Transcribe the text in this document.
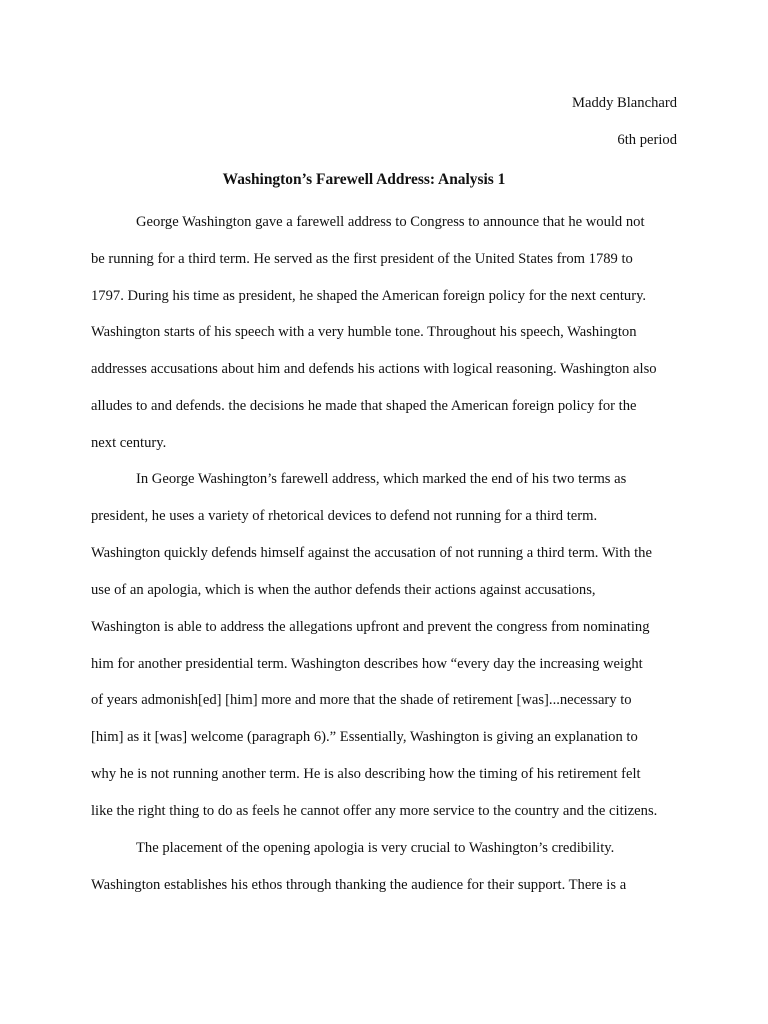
Maddy Blanchard
6th period
Washington’s Farewell Address: Analysis 1
George Washington gave a farewell address to Congress to announce that he would not
be running for a third term. He served as the first president of the United States from 1789 to
1797. During his time as president, he shaped the American foreign policy for the next century.
Washington starts of his speech with a very humble tone. Throughout his speech, Washington
addresses accusations about him and defends his actions with logical reasoning. Washington also
alludes to and defends. the decisions he made that shaped the American foreign policy for the
next century.
In George Washington’s farewell address, which marked the end of his two terms as
president, he uses a variety of rhetorical devices to defend not running for a third term.
Washington quickly defends himself against the accusation of not running a third term. With the
use of an apologia, which is when the author defends their actions against accusations,
Washington is able to address the allegations upfront and prevent the congress from nominating
him for another presidential term. Washington describes how “every day the increasing weight
of years admonish[ed] [him] more and more that the shade of retirement [was]...necessary to
[him] as it [was] welcome (paragraph 6).” Essentially, Washington is giving an explanation to
why he is not running another term. He is also describing how the timing of his retirement felt
like the right thing to do as feels he cannot offer any more service to the country and the citizens.
The placement of the opening apologia is very crucial to Washington’s credibility.
Washington establishes his ethos through thanking the audience for their support. There is a
